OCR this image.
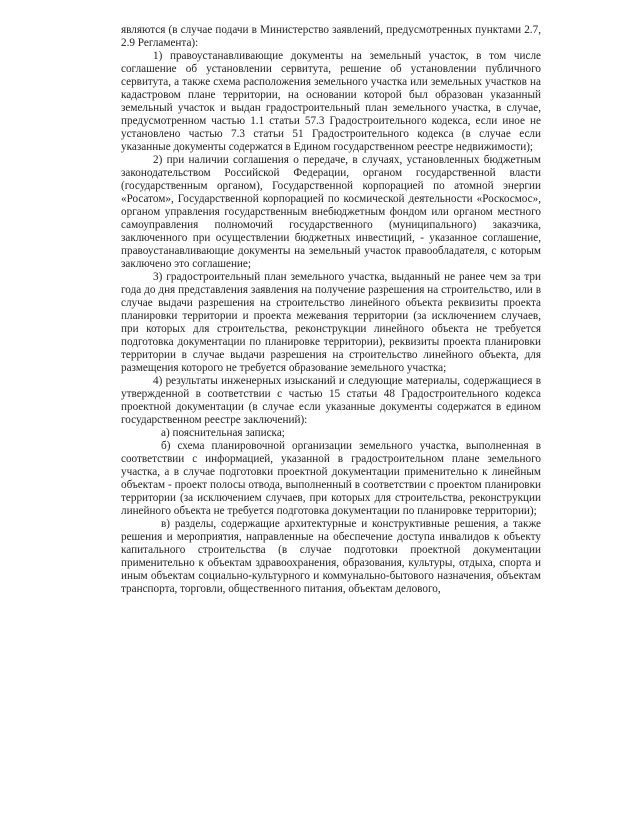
являются (в случае подачи в Министерство заявлений, предусмотренных пунктами 2.7, 2.9 Регламента):

1) правоустанавливающие документы на земельный участок, в том числе соглашение об установлении сервитута, решение об установлении публичного сервитута, а также схема расположения земельного участка или земельных участков на кадастровом плане территории, на основании которой был образован указанный земельный участок и выдан градостроительный план земельного участка, в случае, предусмотренном частью 1.1 статьи 57.3 Градостроительного кодекса, если иное не установлено частью 7.3 статьи 51 Градостроительного кодекса (в случае если указанные документы содержатся в Едином государственном реестре недвижимости);

2) при наличии соглашения о передаче, в случаях, установленных бюджетным законодательством Российской Федерации, органом государственной власти (государственным органом), Государственной корпорацией по атомной энергии «Росатом», Государственной корпорацией по космической деятельности «Роскосмос», органом управления государственным внебюджетным фондом или органом местного самоуправления полномочий государственного (муниципального) заказчика, заключенного при осуществлении бюджетных инвестиций, - указанное соглашение, правоустанавливающие документы на земельный участок правообладателя, с которым заключено это соглашение;

3) градостроительный план земельного участка, выданный не ранее чем за три года до дня представления заявления на получение разрешения на строительство, или в случае выдачи разрешения на строительство линейного объекта реквизиты проекта планировки территории и проекта межевания территории (за исключением случаев, при которых для строительства, реконструкции линейного объекта не требуется подготовка документации по планировке территории), реквизиты проекта планировки территории в случае выдачи разрешения на строительство линейного объекта, для размещения которого не требуется образование земельного участка;

4) результаты инженерных изысканий и следующие материалы, содержащиеся в утвержденной в соответствии с частью 15 статьи 48 Градостроительного кодекса проектной документации (в случае если указанные документы содержатся в едином государственном реестре заключений):

а) пояснительная записка;

б) схема планировочной организации земельного участка, выполненная в соответствии с информацией, указанной в градостроительном плане земельного участка, а в случае подготовки проектной документации применительно к линейным объектам - проект полосы отвода, выполненный в соответствии с проектом планировки территории (за исключением случаев, при которых для строительства, реконструкции линейного объекта не требуется подготовка документации по планировке территории);

в) разделы, содержащие архитектурные и конструктивные решения, а также решения и мероприятия, направленные на обеспечение доступа инвалидов к объекту капитального строительства (в случае подготовки проектной документации применительно к объектам здравоохранения, образования, культуры, отдыха, спорта и иным объектам социально-культурного и коммунально-бытового назначения, объектам транспорта, торговли, общественного питания, объектам делового,
